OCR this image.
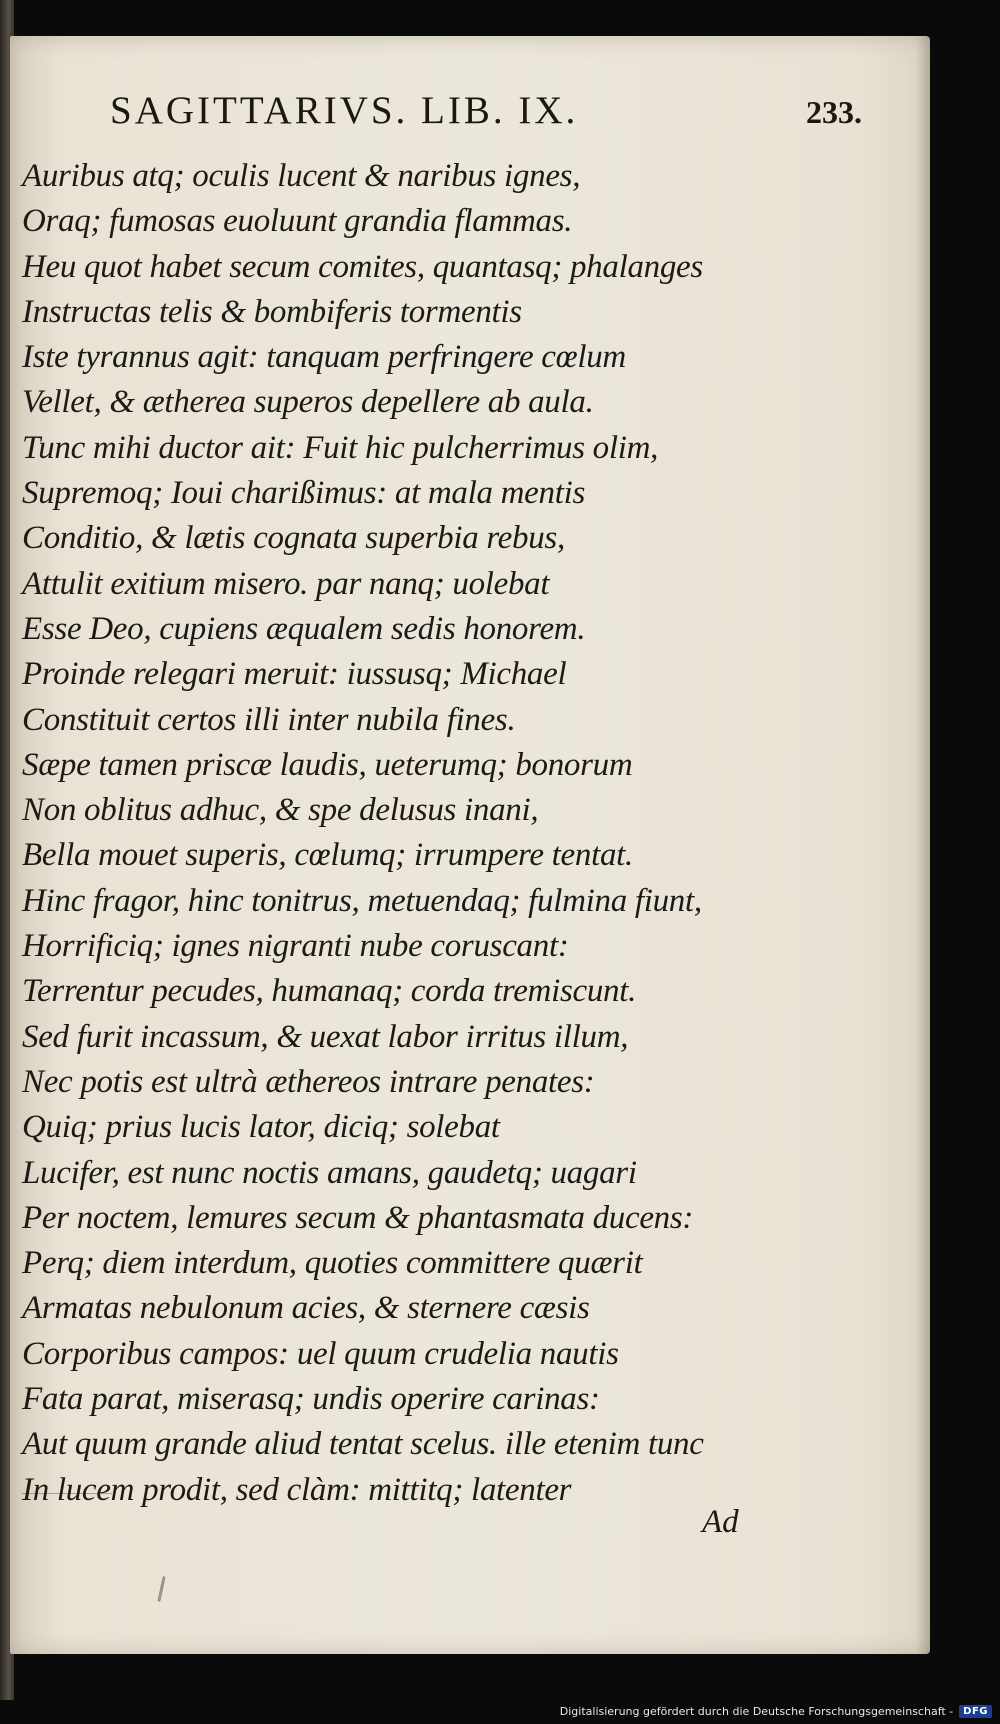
SAGITTARIVS. LIB. IX.	233.
Auribus atq; oculis lucent & naribus ignes,
Oraq; fumosas euoluunt grandia flammas.
Heu quot habet secum comites, quantasq; phalanges
Instructas telis & bombiferis tormentis
Iste tyrannus agit: tanquam perfringere cœlum
Vellet, & ætherea superos depellere ab aula.
Tunc mihi ductor ait: Fuit hic pulcherrimus olim,
Supremoq; Ioui charißimus: at mala mentis
Conditio, & lætis cognata superbia rebus,
Attulit exitium misero. par nanq; uolebat
Esse Deo, cupiens æqualem sedis honorem.
Proinde relegari meruit: iussusq; Michael
Constituit certos illi inter nubila fines.
Sæpe tamen priscæ laudis, ueterumq; bonorum
Non oblitus adhuc, & spe delusus inani,
Bella mouet superis, cœlumq; irrumpere tentat.
Hinc fragor, hinc tonitrus, metuendaq; fulmina fiunt,
Horrificiq; ignes nigranti nube coruscant:
Terrentur pecudes, humanaq; corda tremiscunt.
Sed furit incassum, & uexat labor irritus illum,
Nec potis est ultrà æthereos intrare penates:
Quiq; prius lucis lator, diciq; solebat
Lucifer, est nunc noctis amans, gaudetq; uagari
Per noctem, lemures secum & phantasmata ducens:
Perq; diem interdum, quoties committere quærit
Armatas nebulonum acies, & sternere cæsis
Corporibus campos: uel quum crudelia nautis
Fata parat, miserasq; undis operire carinas:
Aut quum grande aliud tentat scelus. ille etenim tunc
In lucem prodit, sed clàm: mittitq; latenter
Ad
Digitalisierung gefördert durch die Deutsche Forschungsgemeinschaft -	DFG
